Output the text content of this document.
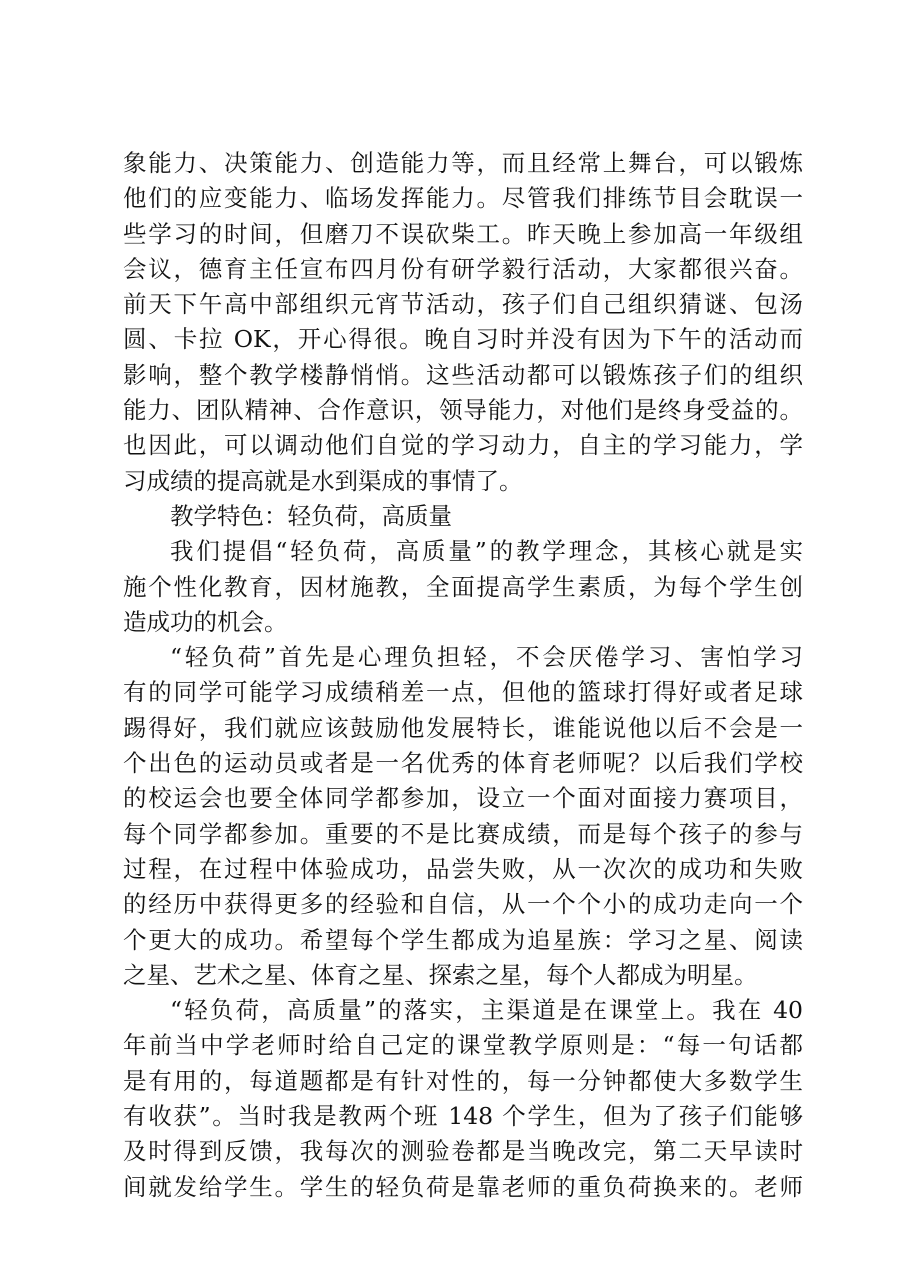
象能力、决策能力、创造能力等，而且经常上舞台，可以锻炼
他们的应变能力、临场发挥能力。尽管我们排练节目会耽误一
些学习的时间，但磨刀不误砍柴工。昨天晚上参加高一年级组
会议，德育主任宣布四月份有研学毅行活动，大家都很兴奋。
前天下午高中部组织元宵节活动，孩子们自己组织猜谜、包汤
圆、卡拉 OK，开心得很。晚自习时并没有因为下午的活动而
影响，整个教学楼静悄悄。这些活动都可以锻炼孩子们的组织
能力、团队精神、合作意识，领导能力，对他们是终身受益的。
也因此，可以调动他们自觉的学习动力，自主的学习能力，学
习成绩的提高就是水到渠成的事情了。
教学特色：轻负荷，高质量
我们提倡“轻负荷，高质量”的教学理念，其核心就是实
施个性化教育，因材施教，全面提高学生素质，为每个学生创
造成功的机会。
“轻负荷”首先是心理负担轻，不会厌倦学习、害怕学习
有的同学可能学习成绩稍差一点，但他的篮球打得好或者足球
踢得好，我们就应该鼓励他发展特长，谁能说他以后不会是一
个出色的运动员或者是一名优秀的体育老师呢？以后我们学校
的校运会也要全体同学都参加，设立一个面对面接力赛项目，
每个同学都参加。重要的不是比赛成绩，而是每个孩子的参与
过程，在过程中体验成功，品尝失败，从一次次的成功和失败
的经历中获得更多的经验和自信，从一个个小的成功走向一个
个更大的成功。希望每个学生都成为追星族：学习之星、阅读
之星、艺术之星、体育之星、探索之星，每个人都成为明星。
“轻负荷，高质量”的落实，主渠道是在课堂上。我在 40
年前当中学老师时给自己定的课堂教学原则是：“每一句话都
是有用的，每道题都是有针对性的，每一分钟都使大多数学生
有收获”。当时我是教两个班 148 个学生，但为了孩子们能够
及时得到反馈，我每次的测验卷都是当晚改完，第二天早读时
间就发给学生。学生的轻负荷是靠老师的重负荷换来的。老师
